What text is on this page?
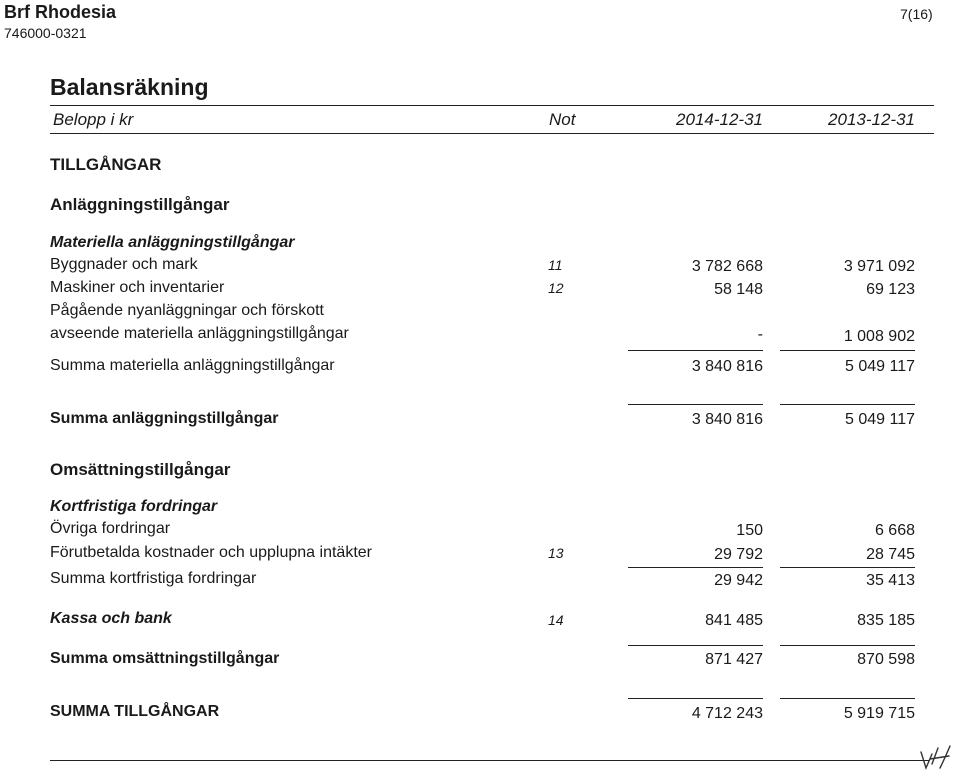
Brf Rhodesia
746000-0321
7(16)
Balansräkning
Belopp i kr	Not	2014-12-31	2013-12-31
TILLGÅNGAR
Anläggningstillgångar
Materiella anläggningstillgångar
Byggnader och mark	11	3 782 668	3 971 092
Maskiner och inventarier	12	58 148	69 123
Pågående nyanläggningar och förskott
avseende materiella anläggningstillgångar	-	1 008 902
Summa materiella anläggningstillgångar	3 840 816	5 049 117
Summa anläggningstillgångar	3 840 816	5 049 117
Omsättningstillgångar
Kortfristiga fordringar
Övriga fordringar	150	6 668
Förutbetalda kostnader och upplupna intäkter	13	29 792	28 745
Summa kortfristiga fordringar	29 942	35 413
Kassa och bank	14	841 485	835 185
Summa omsättningstillgångar	871 427	870 598
SUMMA TILLGÅNGAR	4 712 243	5 919 715
